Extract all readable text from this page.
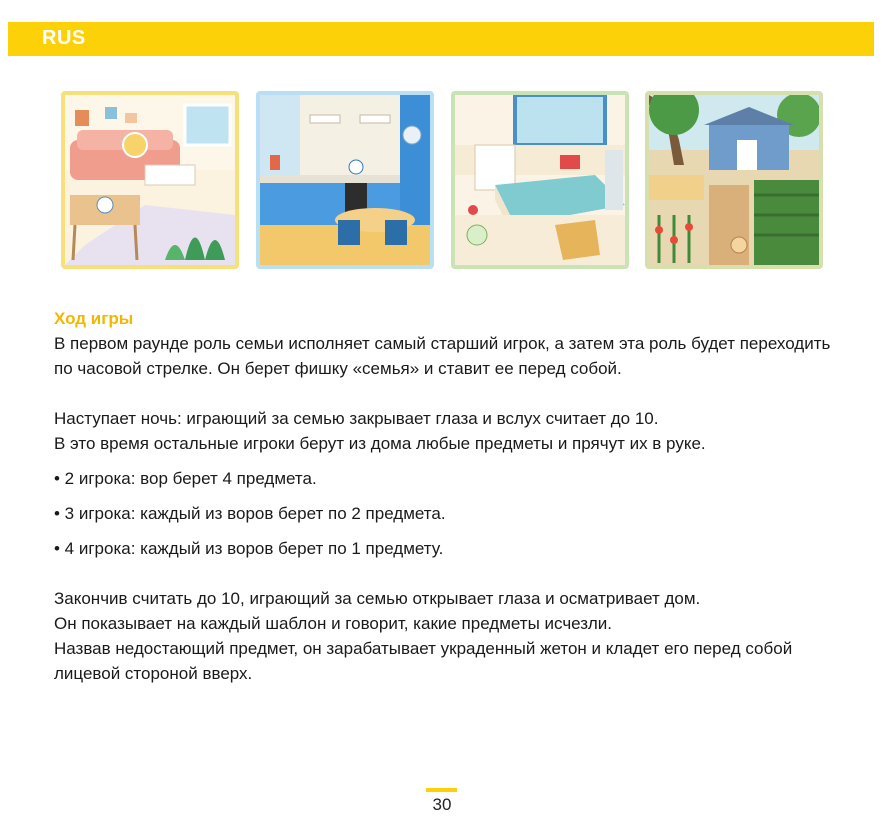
RUS

Ход игры

В первом раунде роль семьи исполняет самый старший игрок, а затем эта роль будет переходить по часовой стрелке. Он берет фишку «семья» и ставит ее перед собой.

Наступает ночь: играющий за семью закрывает глаза и вслух считает до 10.

В это время остальные игроки берут из дома любые предметы и прячут их в руке.

• 2 игрока: вор берет 4 предмета.

• 3 игрока: каждый из воров берет по 2 предмета.

• 4 игрока: каждый из воров берет по 1 предмету.

Закончив считать до 10, играющий за семью открывает глаза и осматривает дом.

Он показывает на каждый шаблон и говорит, какие предметы исчезли.

Назвав недостающий предмет, он зарабатывает украденный жетон и кладет его перед собой лицевой стороной вверх.

30
